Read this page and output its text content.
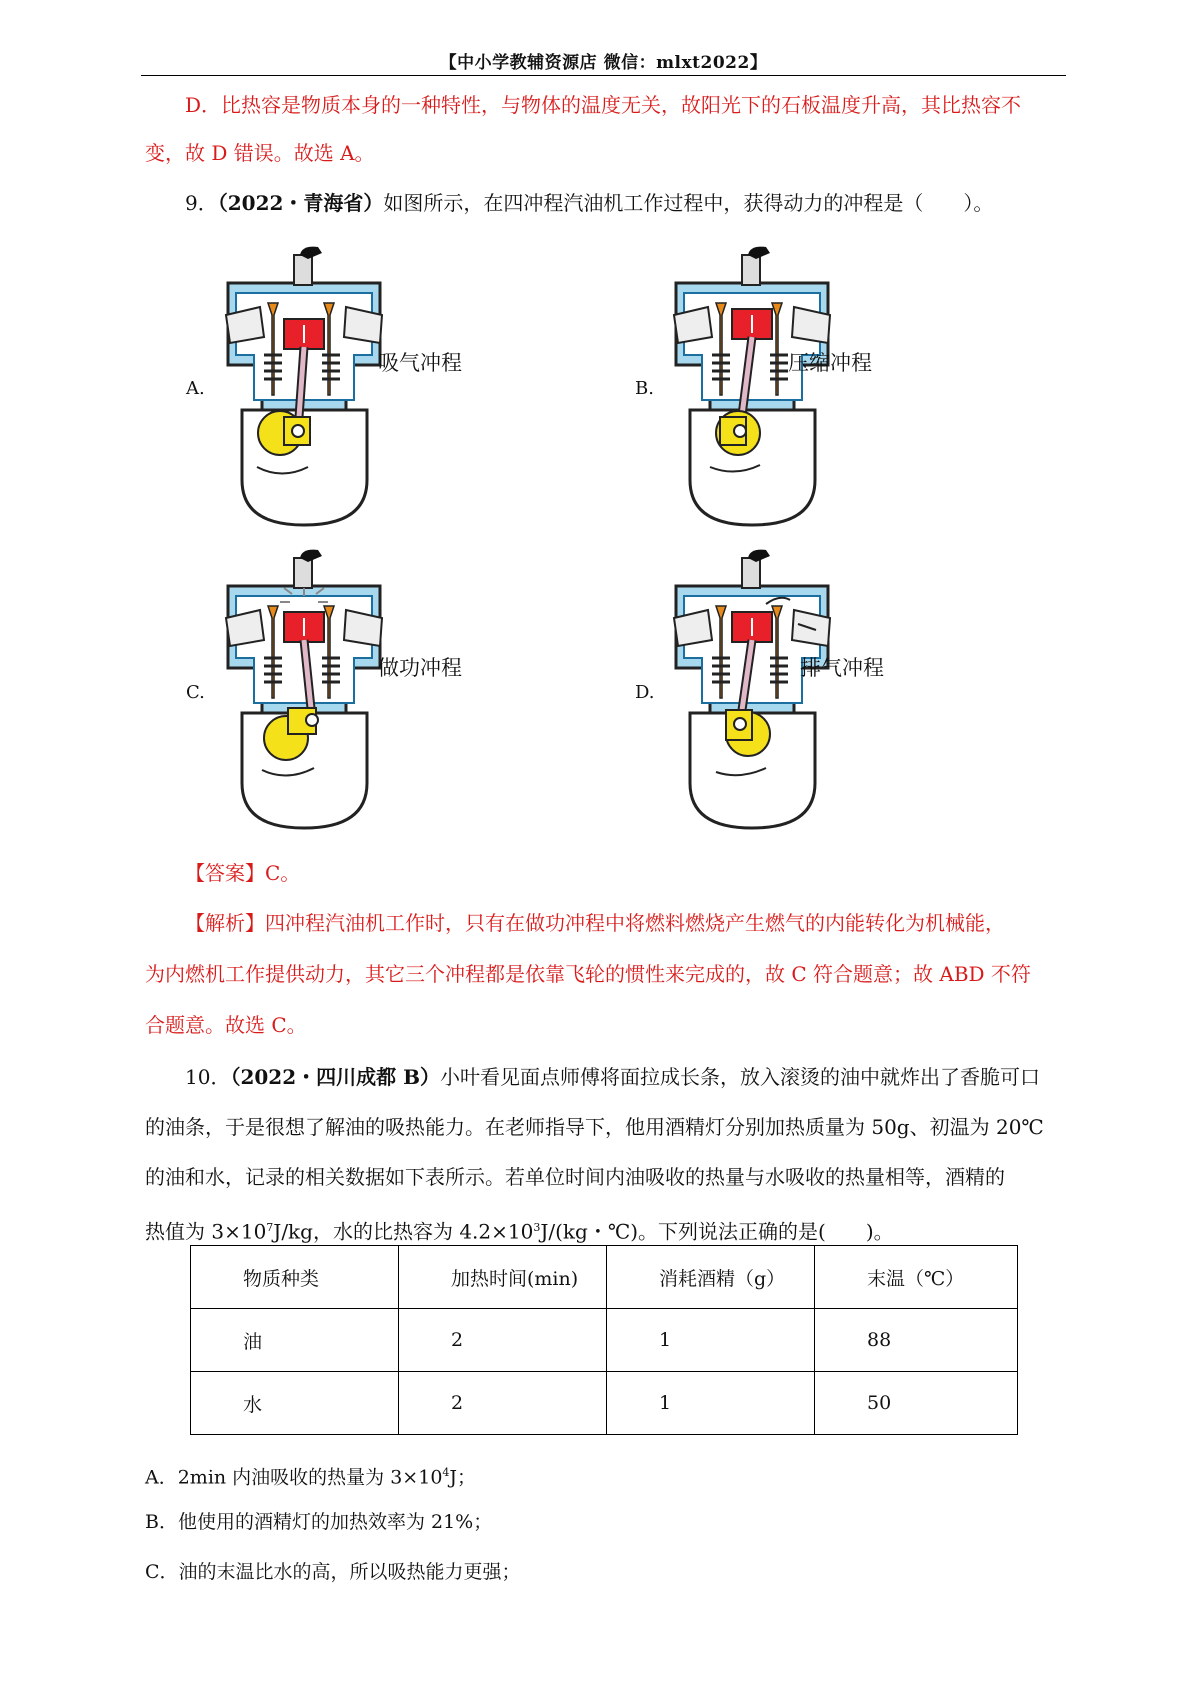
【中小学教辅资源店 微信：mlxt2022】

D．比热容是物质本身的一种特性，与物体的温度无关，故阳光下的石板温度升高，其比热容不

变，故 D 错误。故选 A。

9．（2022・青海省）如图所示，在四冲程汽油机工作过程中，获得动力的冲程是（　　）。

A.
吸气冲程
B.
压缩冲程
C.
做功冲程
D.
排气冲程

【答案】C。

【解析】四冲程汽油机工作时，只有在做功冲程中将燃料燃烧产生燃气的内能转化为机械能，

为内燃机工作提供动力，其它三个冲程都是依靠飞轮的惯性来完成的，故 C 符合题意；故 ABD 不符

合题意。故选 C。

10．（2022・四川成都 B）小叶看见面点师傅将面拉成长条，放入滚烫的油中就炸出了香脆可口

的油条，于是很想了解油的吸热能力。在老师指导下，他用酒精灯分别加热质量为 50g、初温为 20℃

的油和水，记录的相关数据如下表所示。若单位时间内油吸收的热量与水吸收的热量相等，酒精的

热值为 $3\times 10^7J/kg$，水的比热容为 $4.2\times 10^3J/(kg$・℃)。下列说法正确的是(　　)。

物质种类	加热时间(min)	消耗酒精（g）	末温（℃）
油	2	1	88
水	2	1	50

A．2min 内油吸收的热量为 $3\times 10^4J$；

B．他使用的酒精灯的加热效率为 21%；

C．油的末温比水的高，所以吸热能力更强；
